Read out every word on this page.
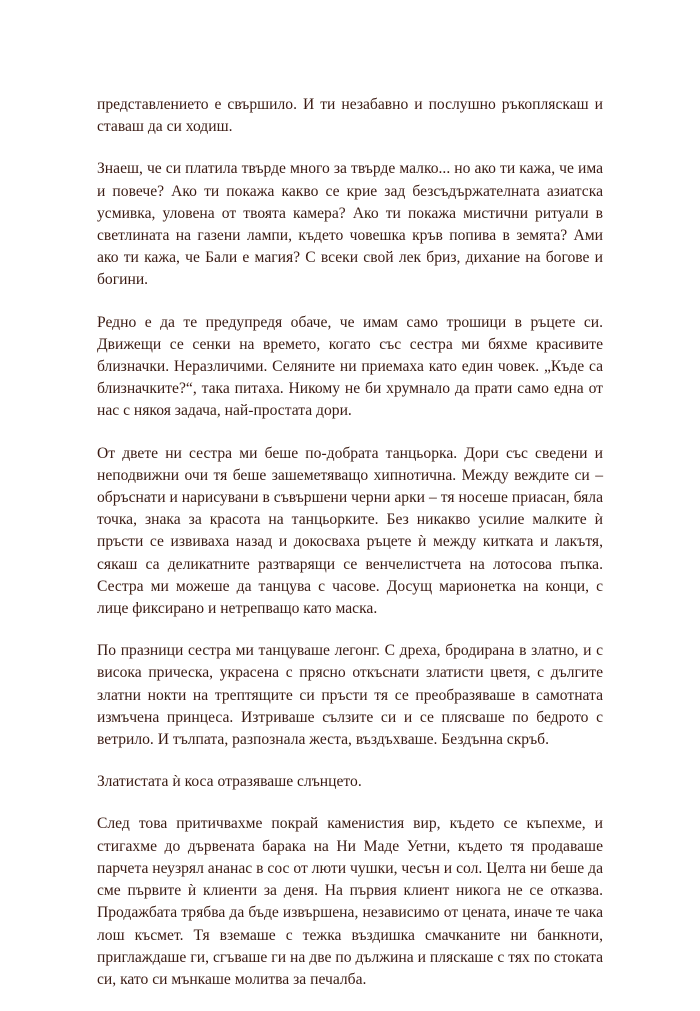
представлението е свършило. И ти незабавно и послушно ръкопляскаш и ставаш да си ходиш.

Знаеш, че си платила твърде много за твърде малко... но ако ти кажа, че има и повече? Ако ти покажа какво се крие зад безсъдържателната азиатска усмивка, уловена от твоята камера? Ако ти покажа мистични ритуали в светлината на газени лампи, където човешка кръв попива в земята? Ами ако ти кажа, че Бали е магия? С всеки свой лек бриз, дихание на богове и богини.

Редно е да те предупредя обаче, че имам само трошици в ръцете си. Движещи се сенки на времето, когато със сестра ми бяхме красивите близначки. Неразличими. Селяните ни приемаха като един човек. „Къде са близначките?“, така питаха. Никому не би хрумнало да прати само една от нас с някоя задача, най-простата дори.

От двете ни сестра ми беше по-добрата танцьорка. Дори със сведени и неподвижни очи тя беше зашеметяващо хипнотична. Между веждите си – обръснати и нарисувани в съвършени черни арки – тя носеше приасан, бяла точка, знака за красота на танцьорките. Без никакво усилие малките ѝ пръсти се извиваха назад и докосваха ръцете ѝ между китката и лакътя, сякаш са деликатните разтварящи се венчелистчета на лотосова пъпка. Сестра ми можеше да танцува с часове. Досущ марионетка на конци, с лице фиксирано и нетрепващо като маска.

По празници сестра ми танцуваше легонг. С дреха, бродирана в златно, и с висока прическа, украсена с прясно откъснати златисти цветя, с дългите златни нокти на трептящите си пръсти тя се преобразяваше в самотната измъчена принцеса. Изтриваше сълзите си и се плясваше по бедрото с ветрило. И тълпата, разпознала жеста, въздъхваше. Бездънна скръб.

Златистата ѝ коса отразяваше слънцето.

След това притичвахме покрай каменистия вир, където се къпехме, и стигахме до дървената барака на Ни Маде Уетни, където тя продаваше парчета неузрял ананас в сос от люти чушки, чесън и сол. Целта ни беше да сме първите ѝ клиенти за деня. На първия клиент никога не се отказва. Продажбата трябва да бъде извършена, независимо от цената, иначе те чака лош късмет. Тя вземаше с тежка въздишка смачканите ни банкноти, приглаждаше ги, сгъваше ги на две по дължина и пляскаше с тях по стоката си, като си мънкаше молитва за печалба.
